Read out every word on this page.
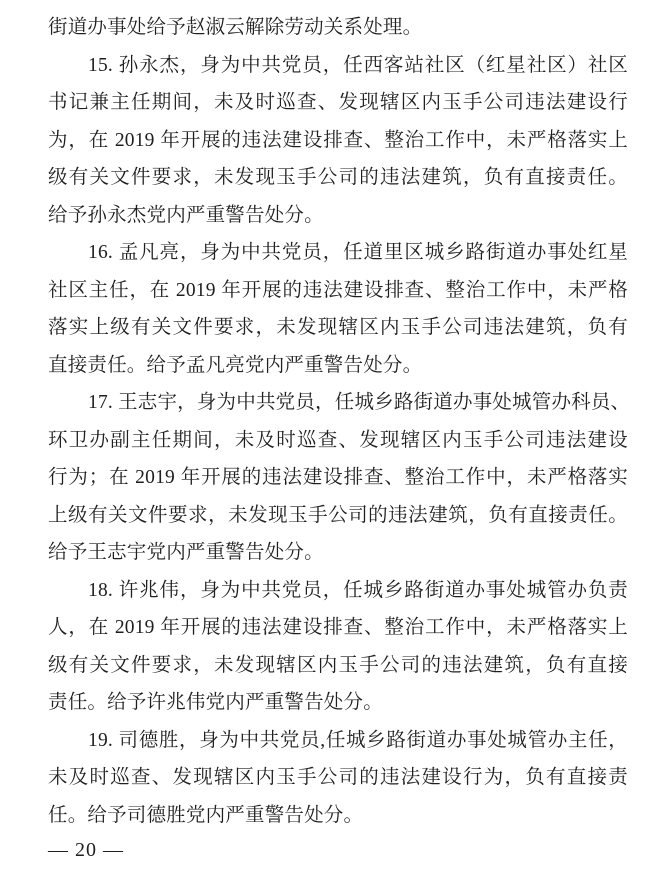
街道办事处给予赵淑云解除劳动关系处理。
15. 孙永杰，身为中共党员，任西客站社区（红星社区）社区
书记兼主任期间，未及时巡查、发现辖区内玉手公司违法建设行
为，在 2019 年开展的违法建设排查、整治工作中，未严格落实上
级有关文件要求，未发现玉手公司的违法建筑，负有直接责任。
给予孙永杰党内严重警告处分。
16. 孟凡亮，身为中共党员，任道里区城乡路街道办事处红星
社区主任，在 2019 年开展的违法建设排查、整治工作中，未严格
落实上级有关文件要求，未发现辖区内玉手公司违法建筑，负有
直接责任。给予孟凡亮党内严重警告处分。
17. 王志宇，身为中共党员，任城乡路街道办事处城管办科员、
环卫办副主任期间，未及时巡查、发现辖区内玉手公司违法建设
行为；在 2019 年开展的违法建设排查、整治工作中，未严格落实
上级有关文件要求，未发现玉手公司的违法建筑，负有直接责任。
给予王志宇党内严重警告处分。
18. 许兆伟，身为中共党员，任城乡路街道办事处城管办负责
人，在 2019 年开展的违法建设排查、整治工作中，未严格落实上
级有关文件要求，未发现辖区内玉手公司的违法建筑，负有直接
责任。给予许兆伟党内严重警告处分。
19. 司德胜，身为中共党员,任城乡路街道办事处城管办主任，
未及时巡查、发现辖区内玉手公司的违法建设行为，负有直接责
任。给予司德胜党内严重警告处分。
— 20 —
